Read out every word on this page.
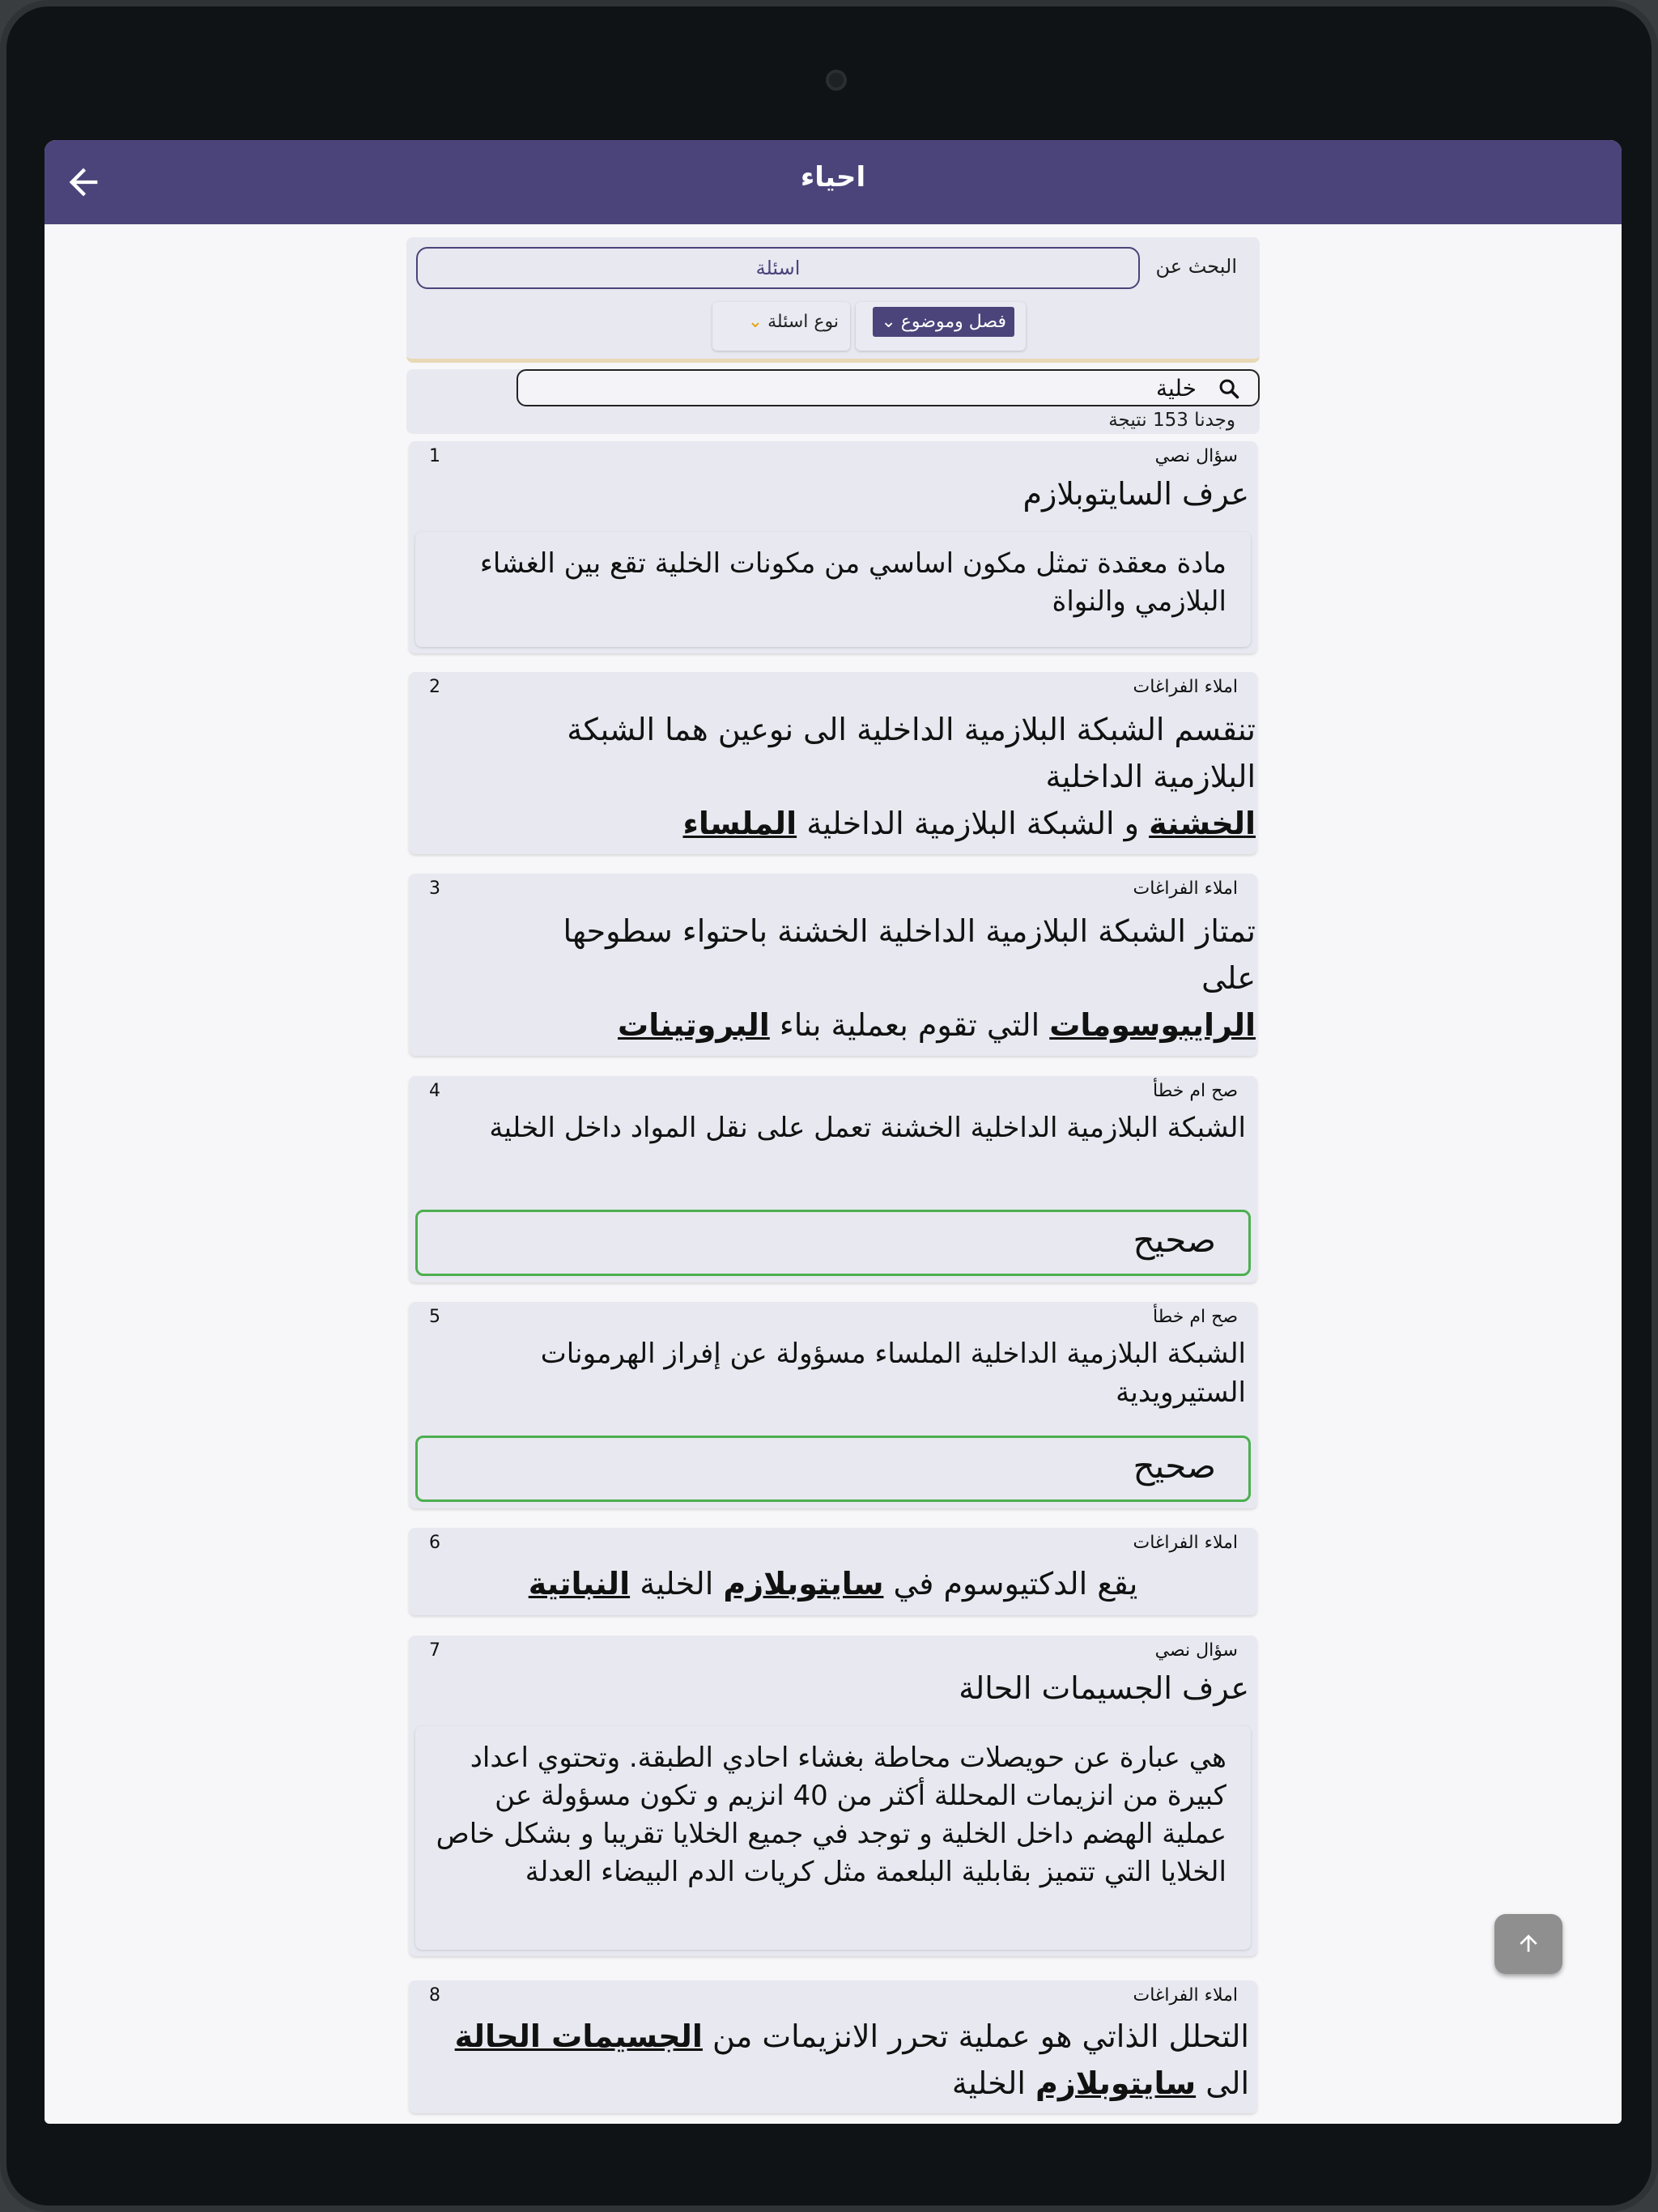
احياء
البحث عن
اسئلة
فصل وموضوع⌄
نوع اسئلة⌄
خلية
وجدنا 153 نتيجة
1	سؤال نصي
عرف السايتوبلازم
مادة معقدة تمثل مكون اساسي من مكونات الخلية تقع بين الغشاء البلازمي والنواة
2	املاء الفراغات
تنقسم الشبكة البلازمية الداخلية الى نوعين هما الشبكة
البلازمية الداخلية
الخشنة و الشبكة البلازمية الداخلية الملساء
3	املاء الفراغات
تمتاز الشبكة البلازمية الداخلية الخشنة باحتواء سطوحها
على
الرايبوسومات التي تقوم بعملية بناء البروتينات
4	صح ام خطأ
الشبكة البلازمية الداخلية الخشنة تعمل على نقل المواد داخل الخلية
صحيح
5	صح ام خطأ
الشبكة البلازمية الداخلية الملساء مسؤولة عن إفراز الهرمونات الستيرويدية
صحيح
6	املاء الفراغات
يقع الدكتيوسوم في سايتوبلازم الخلية النباتية
7	سؤال نصي
عرف الجسيمات الحالة
هي عبارة عن حويصلات محاطة بغشاء احادي الطبقة. وتحتوي اعداد كبيرة من انزيمات المحللة أكثر من 40 انزيم و تكون مسؤولة عن عملية الهضم داخل الخلية و توجد في جميع الخلايا تقريبا و بشكل خاص الخلايا التي تتميز بقابلية البلعمة مثل كريات الدم البيضاء العدلة
8	املاء الفراغات
التحلل الذاتي هو عملية تحرر الانزيمات من الجسيمات الحالة
الى سايتوبلازم الخلية
